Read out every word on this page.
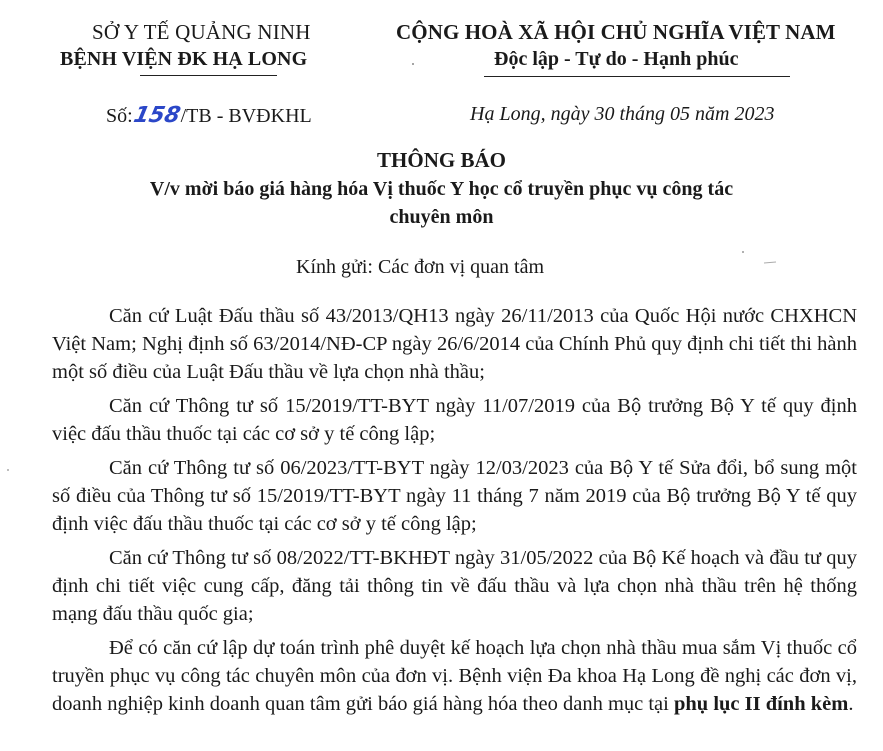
SỞ Y TẾ QUẢNG NINH
BỆNH VIỆN ĐK HẠ LONG
CỘNG HOÀ XÃ HỘI CHỦ NGHĨA VIỆT NAM
Độc lập - Tự do - Hạnh phúc
Số:158/TB - BVĐKHL	Hạ Long, ngày 30 tháng 05 năm 2023
THÔNG BÁO
V/v mời báo giá hàng hóa Vị thuốc Y học cổ truyền phục vụ công tác
chuyên môn
Kính gửi: Các đơn vị quan tâm

Căn cứ Luật Đấu thầu số 43/2013/QH13 ngày 26/11/2013 của Quốc Hội nước CHXHCN Việt Nam; Nghị định số 63/2014/NĐ-CP ngày 26/6/2014 của Chính Phủ quy định chi tiết thi hành một số điều của Luật Đấu thầu về lựa chọn nhà thầu;

Căn cứ Thông tư số 15/2019/TT-BYT ngày 11/07/2019 của Bộ trưởng Bộ Y tế quy định việc đấu thầu thuốc tại các cơ sở y tế công lập;

Căn cứ Thông tư số 06/2023/TT-BYT ngày 12/03/2023 của Bộ Y tế Sửa đổi, bổ sung một số điều của Thông tư số 15/2019/TT-BYT ngày 11 tháng 7 năm 2019 của Bộ trưởng Bộ Y tế quy định việc đấu thầu thuốc tại các cơ sở y tế công lập;

Căn cứ Thông tư số 08/2022/TT-BKHĐT ngày 31/05/2022 của Bộ Kế hoạch và đầu tư quy định chi tiết việc cung cấp, đăng tải thông tin về đấu thầu và lựa chọn nhà thầu trên hệ thống mạng đấu thầu quốc gia;

Để có căn cứ lập dự toán trình phê duyệt kế hoạch lựa chọn nhà thầu mua sắm Vị thuốc cổ truyền phục vụ công tác chuyên môn của đơn vị. Bệnh viện Đa khoa Hạ Long đề nghị các đơn vị, doanh nghiệp kinh doanh quan tâm gửi báo giá hàng hóa theo danh mục tại phụ lục II đính kèm.
